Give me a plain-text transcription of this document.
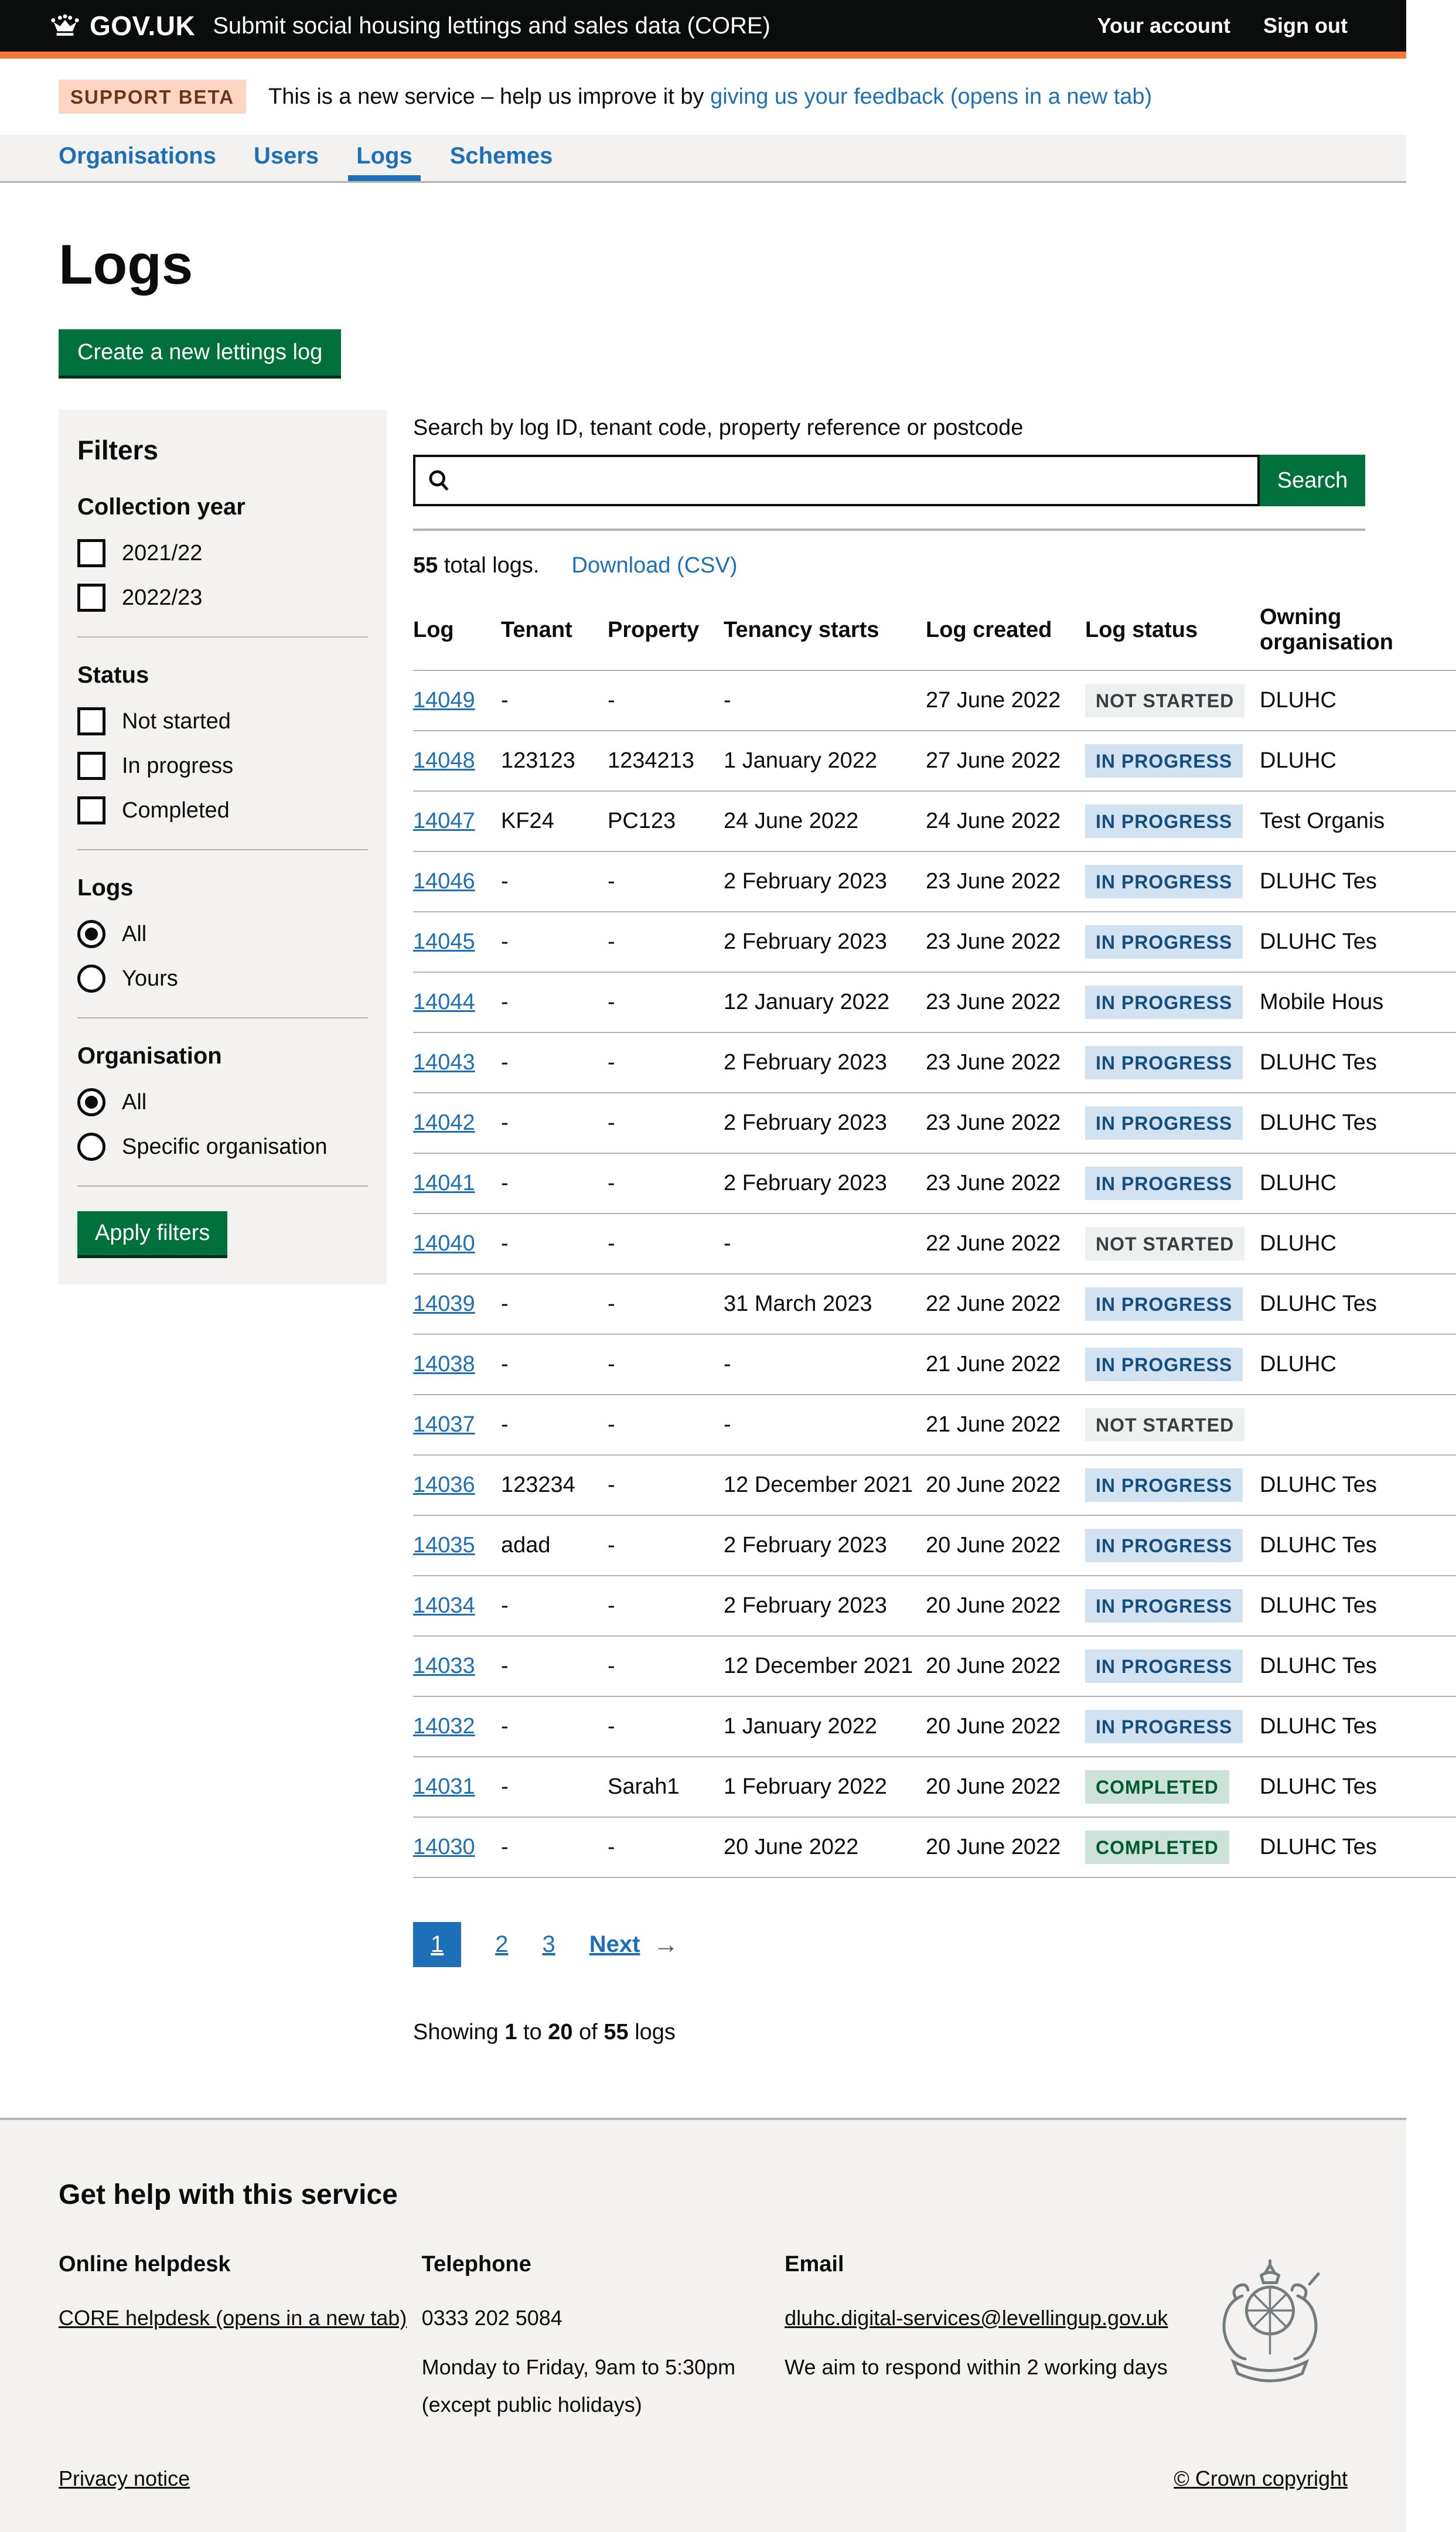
GOV.UK Submit social housing lettings and sales data (CORE)	Your account Sign out
SUPPORT BETA	This is a new service – help us improve it by giving us your feedback (opens in a new tab)
Organisations Users Logs Schemes
Logs
Create a new lettings log
Filters
Collection year
2021/22
2022/23
Status
Not started
In progress
Completed
Logs
All
Yours
Organisation
All
Specific organisation
Apply filters
Search by log ID, tenant code, property reference or postcode
Search

55 total logs. Download (CSV)

Log	Tenant	Property	Tenancy starts	Log created	Log status	Owning organisation
14049	-	-	-	27 June 2022	NOT STARTED	DLUHC
14048	123123	1234213	1 January 2022	27 June 2022	IN PROGRESS	DLUHC
14047	KF24	PC123	24 June 2022	24 June 2022	IN PROGRESS	Test Organis
14046	-	-	2 February 2023	23 June 2022	IN PROGRESS	DLUHC Tes
14045	-	-	2 February 2023	23 June 2022	IN PROGRESS	DLUHC Tes
14044	-	-	12 January 2022	23 June 2022	IN PROGRESS	Mobile Hous
14043	-	-	2 February 2023	23 June 2022	IN PROGRESS	DLUHC Tes
14042	-	-	2 February 2023	23 June 2022	IN PROGRESS	DLUHC Tes
14041	-	-	2 February 2023	23 June 2022	IN PROGRESS	DLUHC
14040	-	-	-	22 June 2022	NOT STARTED	DLUHC
14039	-	-	31 March 2023	22 June 2022	IN PROGRESS	DLUHC Tes
14038	-	-	-	21 June 2022	IN PROGRESS	DLUHC
14037	-	-	-	21 June 2022	NOT STARTED	
14036	123234	-	12 December 2021	20 June 2022	IN PROGRESS	DLUHC Tes
14035	adad	-	2 February 2023	20 June 2022	IN PROGRESS	DLUHC Tes
14034	-	-	2 February 2023	20 June 2022	IN PROGRESS	DLUHC Tes
14033	-	-	12 December 2021	20 June 2022	IN PROGRESS	DLUHC Tes
14032	-	-	1 January 2022	20 June 2022	IN PROGRESS	DLUHC Tes
14031	-	Sarah1	1 February 2022	20 June 2022	COMPLETED	DLUHC Tes
14030	-	-	20 June 2022	20 June 2022	COMPLETED	DLUHC Tes
1	2 3 Next →

Showing 1 to 20 of 55 logs

Get help with this service
Online helpdesk

CORE helpdesk (opens in a new tab)

Telephone

0333 202 5084

Monday to Friday, 9am to 5:30pm

(except public holidays)

Email

dluhc.digital-services@levellingup.gov.uk

We aim to respond within 2 working days

Privacy notice	© Crown copyright
